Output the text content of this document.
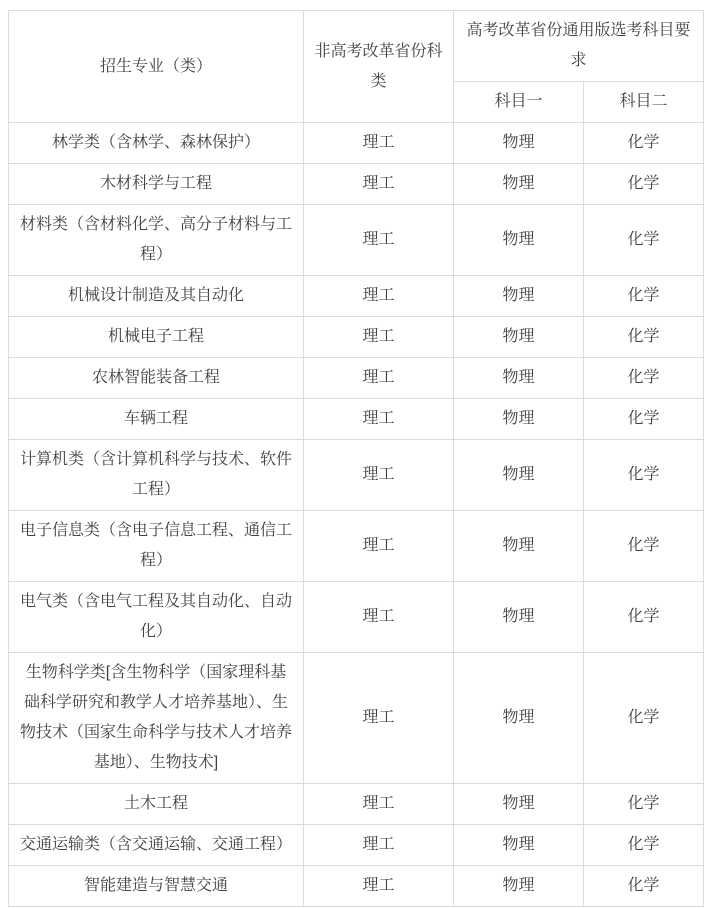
招生专业（类）	非高考改革省份科类	高考改革省份通用版选考科目要求	
		科目一	科目二
林学类（含林学、森林保护）	理工	物理	化学
木材科学与工程	理工	物理	化学
材料类（含材料化学、高分子材料与工程）	理工	物理	化学
机械设计制造及其自动化	理工	物理	化学
机械电子工程	理工	物理	化学
农林智能装备工程	理工	物理	化学
车辆工程	理工	物理	化学
计算机类（含计算机科学与技术、软件工程）	理工	物理	化学
电子信息类（含电子信息工程、通信工程）	理工	物理	化学
电气类（含电气工程及其自动化、自动化）	理工	物理	化学
生物科学类[含生物科学（国家理科基础科学研究和教学人才培养基地）、生物技术（国家生命科学与技术人才培养基地）、生物技术]	理工	物理	化学
土木工程	理工	物理	化学
交通运输类（含交通运输、交通工程）	理工	物理	化学
智能建造与智慧交通	理工	物理	化学
